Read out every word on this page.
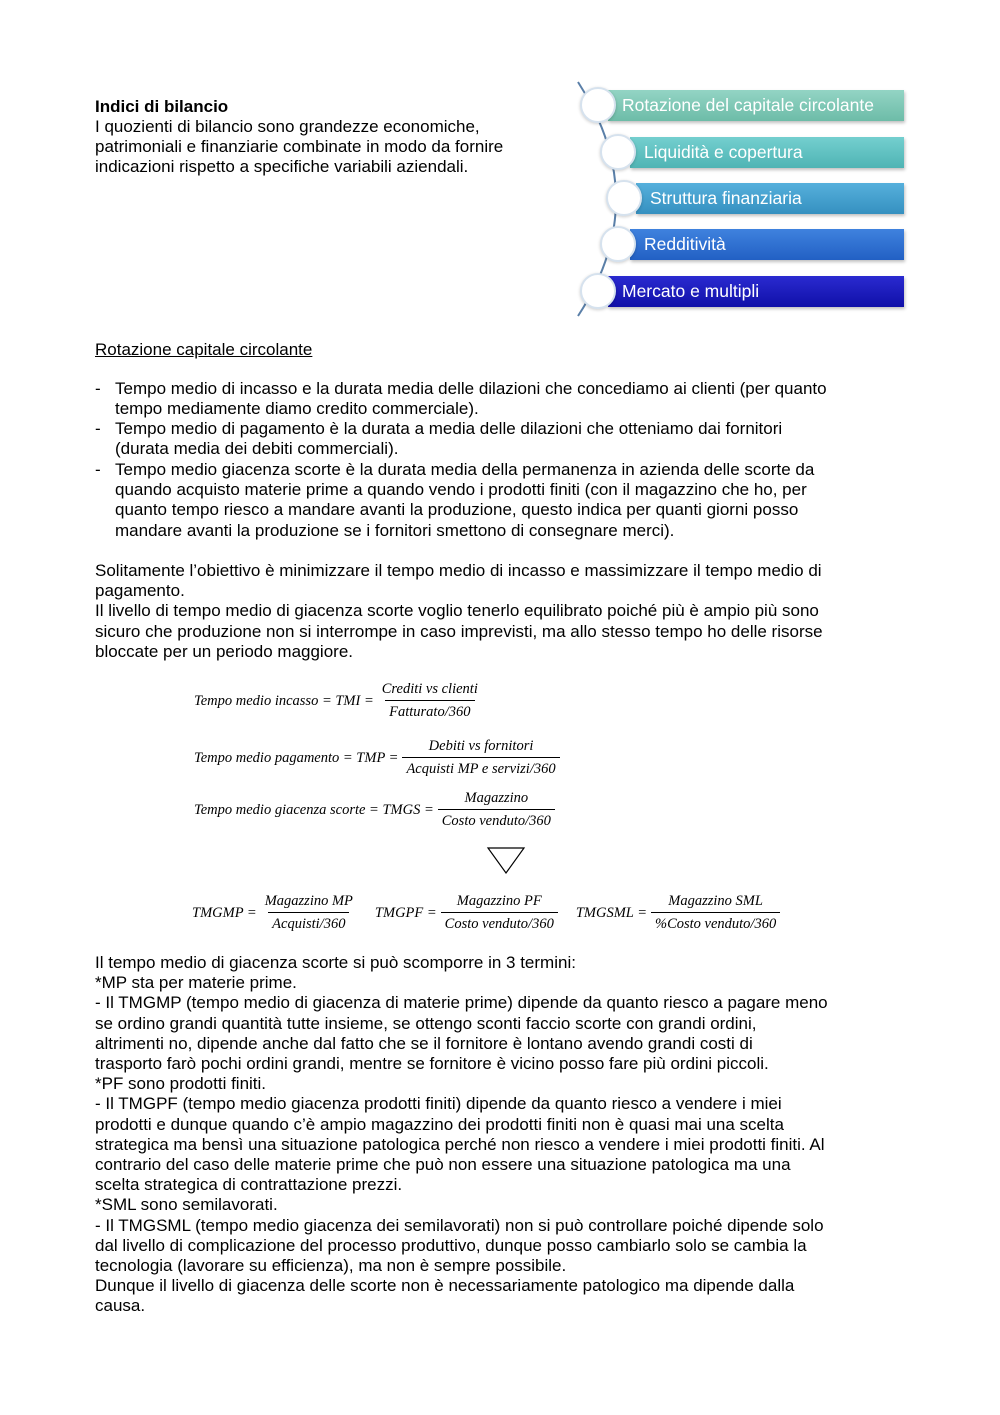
Indici di bilancio
I quozienti di bilancio sono grandezze economiche,
patrimoniali e finanziarie combinate in modo da fornire
indicazioni rispetto a specifiche variabili aziendali.
Rotazione del capitale circolante
Liquidità e copertura
Struttura finanziaria
Redditività
Mercato e multipli
Rotazione capitale circolante
- Tempo medio di incasso e la durata media delle dilazioni che concediamo ai clienti (per quanto
tempo mediamente diamo credito commerciale).
- Tempo medio di pagamento è la durata a media delle dilazioni che otteniamo dai fornitori
(durata media dei debiti commerciali).
- Tempo medio giacenza scorte è la durata media della permanenza in azienda delle scorte da
quando acquisto materie prime a quando vendo i prodotti finiti (con il magazzino che ho, per
quanto tempo riesco a mandare avanti la produzione, questo indica per quanti giorni posso
mandare avanti la produzione se i fornitori smettono di consegnare merci).
Solitamente l’obiettivo è minimizzare il tempo medio di incasso e massimizzare il tempo medio di
pagamento.
Il livello di tempo medio di giacenza scorte voglio tenerlo equilibrato poiché più è ampio più sono
sicuro che produzione non si interrompe in caso imprevisti, ma allo stesso tempo ho delle risorse
bloccate per un periodo maggiore.
Tempo medio incasso = TMI = $\frac{\text{Crediti vs clienti}}{\text{Fatturato/360}}$
Tempo medio pagamento = TMP = $\frac{\text{Debiti vs fornitori}}{\text{Acquisti MP e servizi/360}}$
Tempo medio giacenza scorte = TMGS = $\frac{\text{Magazzino}}{\text{Costo venduto/360}}$
TMGMP = $\frac{\text{Magazzino MP}}{\text{Acquisti/360}}$ TMGPF = $\frac{\text{Magazzino PF}}{\text{Costo venduto/360}}$ TMGSML = $\frac{\text{Magazzino SML}}{\text{\%Costo venduto/360}}$
Il tempo medio di giacenza scorte si può scomporre in 3 termini:
*MP sta per materie prime.
- Il TMGMP (tempo medio di giacenza di materie prime) dipende da quanto riesco a pagare meno
se ordino grandi quantità tutte insieme, se ottengo sconti faccio scorte con grandi ordini,
altrimenti no, dipende anche dal fatto che se il fornitore è lontano avendo grandi costi di
trasporto farò pochi ordini grandi, mentre se fornitore è vicino posso fare più ordini piccoli.
*PF sono prodotti finiti.
- Il TMGPF (tempo medio giacenza prodotti finiti) dipende da quanto riesco a vendere i miei
prodotti e dunque quando c’è ampio magazzino dei prodotti finiti non è quasi mai una scelta
strategica ma bensì una situazione patologica perché non riesco a vendere i miei prodotti finiti. Al
contrario del caso delle materie prime che può non essere una situazione patologica ma una
scelta strategica di contrattazione prezzi.
*SML sono semilavorati.
- Il TMGSML (tempo medio giacenza dei semilavorati) non si può controllare poiché dipende solo
dal livello di complicazione del processo produttivo, dunque posso cambiarlo solo se cambia la
tecnologia (lavorare su efficienza), ma non è sempre possibile.
Dunque il livello di giacenza delle scorte non è necessariamente patologico ma dipende dalla
causa.
